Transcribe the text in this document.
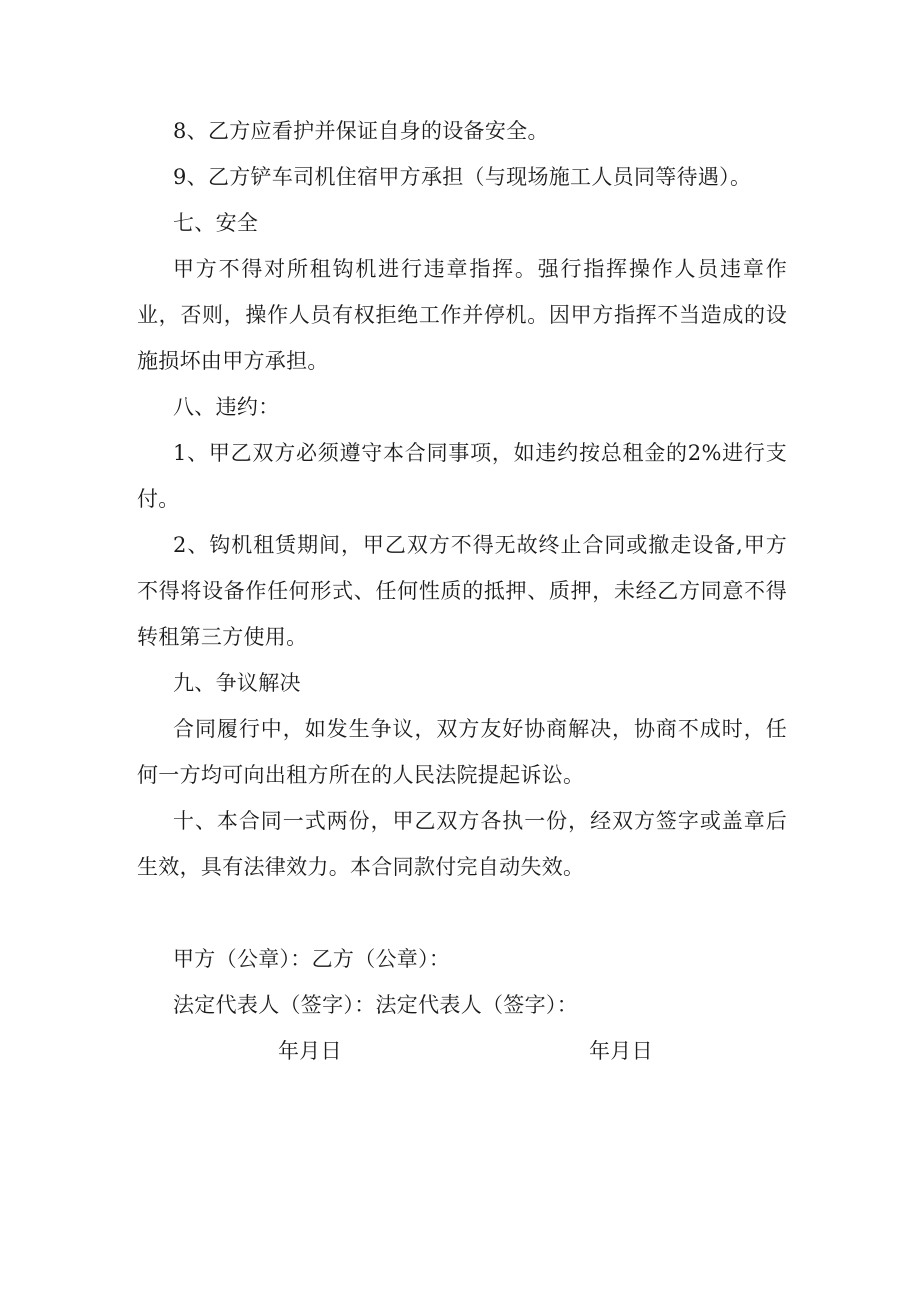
8、乙方应看护并保证自身的设备安全。

9、乙方铲车司机住宿甲方承担（与现场施工人员同等待遇）。

七、安全

甲方不得对所租钩机进行违章指挥。强行指挥操作人员违章作业，否则，操作人员有权拒绝工作并停机。因甲方指挥不当造成的设施损坏由甲方承担。

八、违约：

1、甲乙双方必须遵守本合同事项，如违约按总租金的2%进行支付。

2、钩机租赁期间，甲乙双方不得无故终止合同或撤走设备,甲方不得将设备作任何形式、任何性质的抵押、质押，未经乙方同意不得转租第三方使用。

九、争议解决

合同履行中，如发生争议，双方友好协商解决，协商不成时，任何一方均可向出租方所在的人民法院提起诉讼。

十、本合同一式两份，甲乙双方各执一份，经双方签字或盖章后生效，具有法律效力。本合同款付完自动失效。

甲方（公章）：乙方（公章）：

法定代表人（签字）：法定代表人（签字）：

年月日	年月日
